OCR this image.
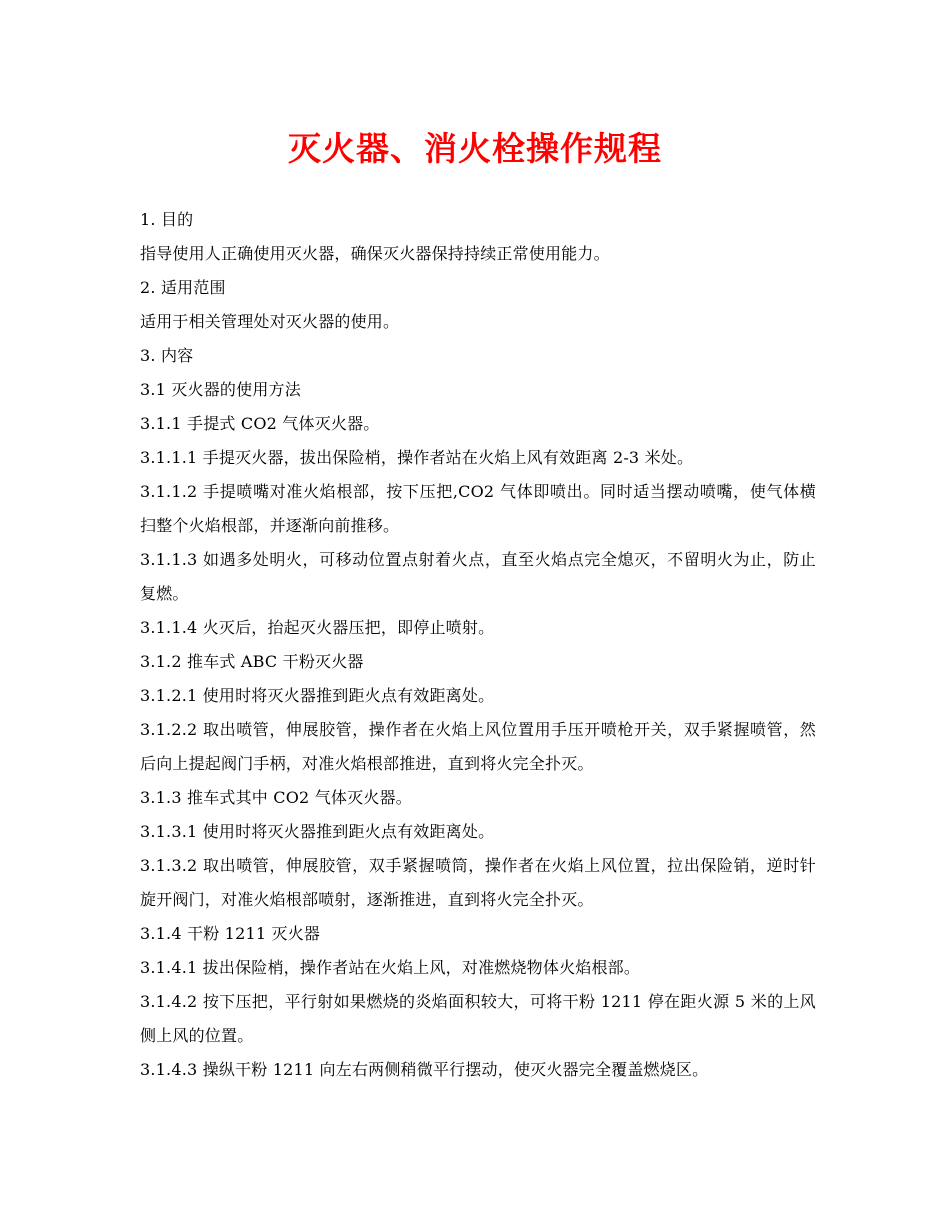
灭火器、消火栓操作规程

1. 目的

指导使用人正确使用灭火器，确保灭火器保持持续正常使用能力。

2. 适用范围

适用于相关管理处对灭火器的使用。

3. 内容

3.1 灭火器的使用方法

3.1.1 手提式 CO2 气体灭火器。

3.1.1.1 手提灭火器，拔出保险梢，操作者站在火焰上风有效距离 2-3 米处。

3.1.1.2 手提喷嘴对准火焰根部，按下压把,CO2 气体即喷出。同时适当摆动喷嘴，使气体横扫整个火焰根部，并逐渐向前推移。

3.1.1.3 如遇多处明火，可移动位置点射着火点，直至火焰点完全熄灭，不留明火为止，防止复燃。

3.1.1.4 火灭后，抬起灭火器压把，即停止喷射。

3.1.2 推车式 ABC 干粉灭火器

3.1.2.1 使用时将灭火器推到距火点有效距离处。

3.1.2.2 取出喷管，伸展胶管，操作者在火焰上风位置用手压开喷枪开关，双手紧握喷管，然后向上提起阀门手柄，对准火焰根部推进，直到将火完全扑灭。

3.1.3 推车式其中 CO2 气体灭火器。

3.1.3.1 使用时将灭火器推到距火点有效距离处。

3.1.3.2 取出喷管，伸展胶管，双手紧握喷筒，操作者在火焰上风位置，拉出保险销，逆时针旋开阀门，对准火焰根部喷射，逐渐推进，直到将火完全扑灭。

3.1.4 干粉 1211 灭火器

3.1.4.1 拔出保险梢，操作者站在火焰上风，对准燃烧物体火焰根部。

3.1.4.2 按下压把，平行射如果燃烧的炎焰面积较大，可将干粉 1211 停在距火源 5 米的上风侧上风的位置。

3.1.4.3 操纵干粉 1211 向左右两侧稍微平行摆动，使灭火器完全覆盖燃烧区。
